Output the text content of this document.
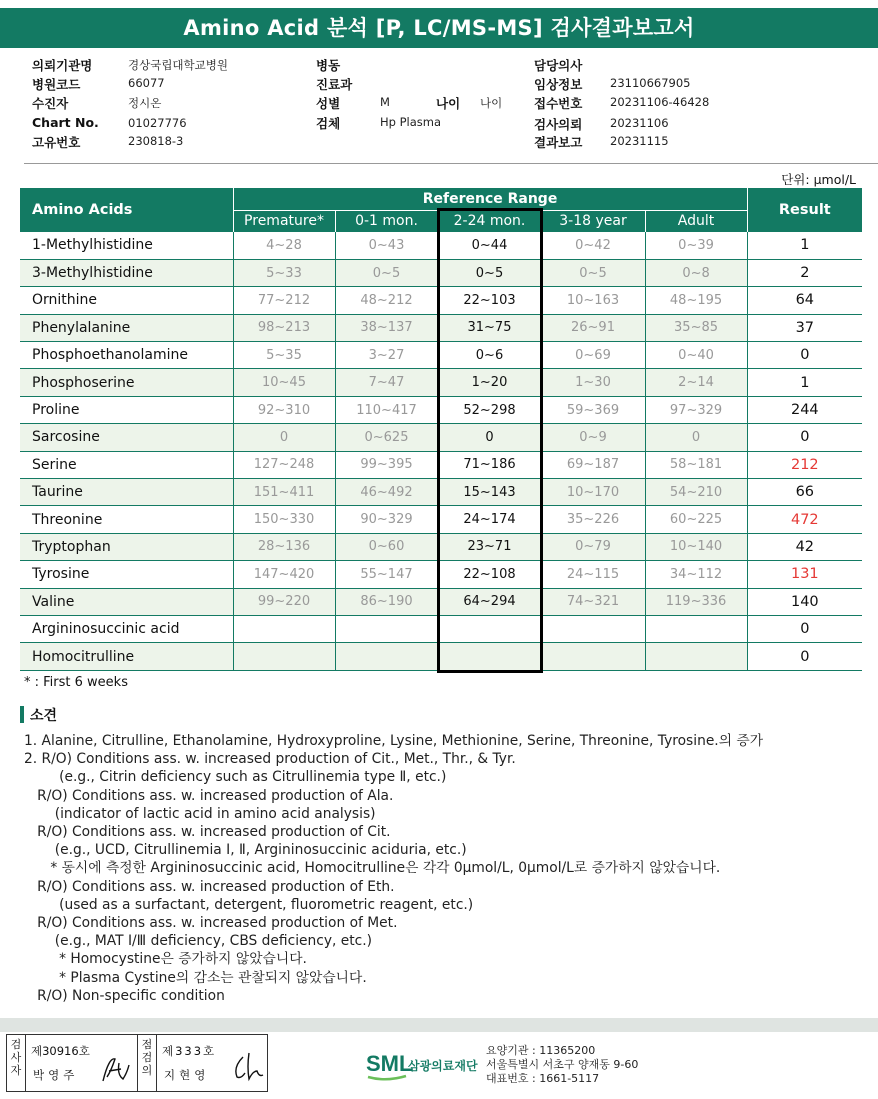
Amino Acid 분석 [P, LC/MS-MS] 검사결과보고서
의뢰기관명	경상국립대학교병원
병원코드	66077
수진자	정시온
Chart No.	01027776
고유번호	230818-3
병동
진료과
성별	M	나이 나이
검체	Hp Plasma
담당의사
임상정보 23110667905
접수번호 20231106-46428
검사의뢰 20231106
결과보고 20231115
단위: μmol/L
Amino Acids	Reference Range					Result
	Premature*	0-1 mon.	2-24 mon.	3-18 year	Adult	
1-Methylhistidine	4~28	0~43	0~44	0~42	0~39	1
3-Methylhistidine	5~33	0~5	0~5	0~5	0~8	2
Ornithine	77~212	48~212	22~103	10~163	48~195	64
Phenylalanine	98~213	38~137	31~75	26~91	35~85	37
Phosphoethanolamine	5~35	3~27	0~6	0~69	0~40	0
Phosphoserine	10~45	7~47	1~20	1~30	2~14	1
Proline	92~310	110~417	52~298	59~369	97~329	244
Sarcosine	0	0~625	0	0~9	0	0
Serine	127~248	99~395	71~186	69~187	58~181	212
Taurine	151~411	46~492	15~143	10~170	54~210	66
Threonine	150~330	90~329	24~174	35~226	60~225	472
Tryptophan	28~136	0~60	23~71	0~79	10~140	42
Tyrosine	147~420	55~147	22~108	24~115	34~112	131
Valine	99~220	86~190	64~294	74~321	119~336	140
Argininosuccinic acid						0
Homocitrulline						0
* : First 6 weeks
소견
1. Alanine, Citrulline, Ethanolamine, Hydroxyproline, Lysine, Methionine, Serine, Threonine, Tyrosine.의 증가
2. R/O) Conditions ass. w. increased production of Cit., Met., Thr., & Tyr.
(e.g., Citrin deficiency such as Citrullinemia type Ⅱ, etc.)
R/O) Conditions ass. w. increased production of Ala.
(indicator of lactic acid in amino acid analysis)
R/O) Conditions ass. w. increased production of Cit.
(e.g., UCD, Citrullinemia Ⅰ, Ⅱ, Argininosuccinic aciduria, etc.)
* 동시에 측정한 Argininosuccinic acid, Homocitrulline은 각각 0μmol/L, 0μmol/L로 증가하지 않았습니다.
R/O) Conditions ass. w. increased production of Eth.
(used as a surfactant, detergent, fluorometric reagent, etc.)
R/O) Conditions ass. w. increased production of Met.
(e.g., MAT Ⅰ/Ⅲ deficiency, CBS deficiency, etc.)
* Homocystine은 증가하지 않았습니다.
* Plasma Cystine의 감소는 관찰되지 않았습니다.
R/O) Non-specific condition
검
사
자
제30916호
박영주
점
검
의
제333호
지현영	SML
삼광의료재단
요양기관 : 11365200
서울특별시 서초구 양재동 9-60
대표번호 : 1661-5117
